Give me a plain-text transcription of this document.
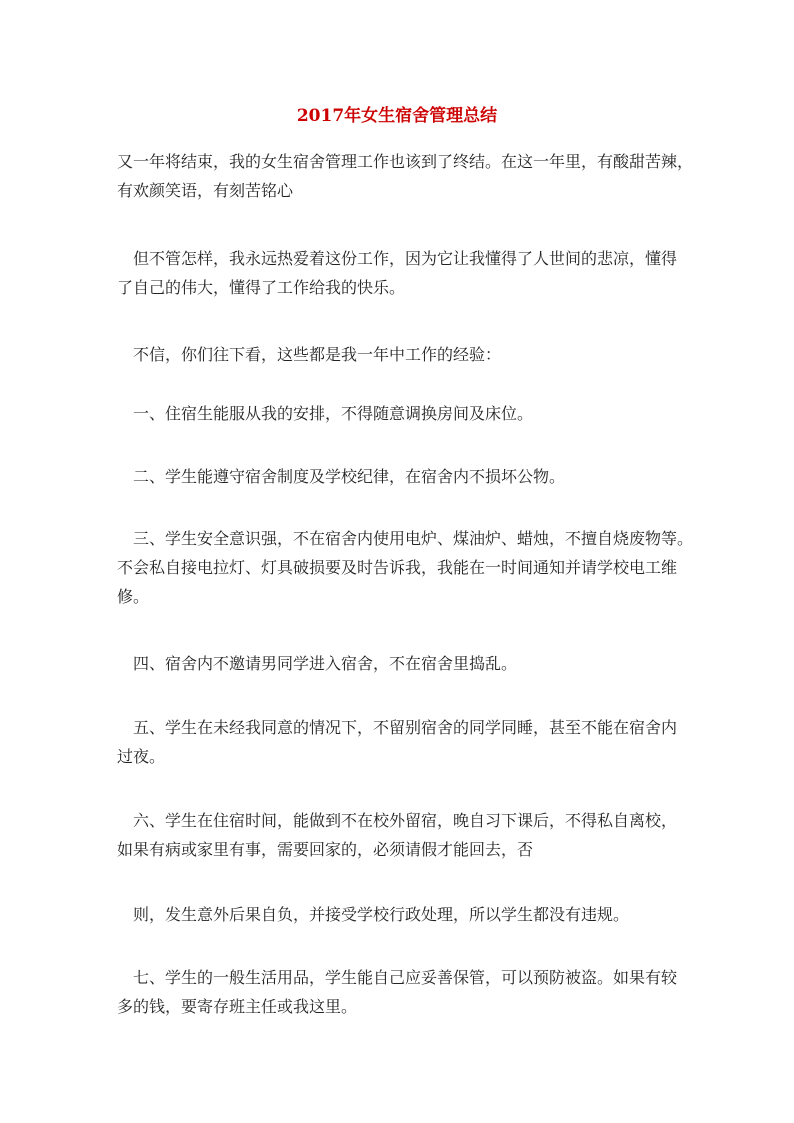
2017年女生宿舍管理总结
又一年将结束，我的女生宿舍管理工作也该到了终结。在这一年里，有酸甜苦辣，
有欢颜笑语，有刻苦铭心
　但不管怎样，我永远热爱着这份工作，因为它让我懂得了人世间的悲凉，懂得
了自己的伟大，懂得了工作给我的快乐。
　不信，你们往下看，这些都是我一年中工作的经验：
　一、住宿生能服从我的安排，不得随意调换房间及床位。
　二、学生能遵守宿舍制度及学校纪律，在宿舍内不损坏公物。
　三、学生安全意识强，不在宿舍内使用电炉、煤油炉、蜡烛，不擅自烧废物等。
不会私自接电拉灯、灯具破损要及时告诉我，我能在一时间通知并请学校电工维
修。
　四、宿舍内不邀请男同学进入宿舍，不在宿舍里捣乱。
　五、学生在未经我同意的情况下，不留别宿舍的同学同睡，甚至不能在宿舍内
过夜。
　六、学生在住宿时间，能做到不在校外留宿，晚自习下课后，不得私自离校，
如果有病或家里有事，需要回家的，必须请假才能回去，否
　则，发生意外后果自负，并接受学校行政处理，所以学生都没有违规。
　七、学生的一般生活用品，学生能自己应妥善保管，可以预防被盗。如果有较
多的钱，要寄存班主任或我这里。
